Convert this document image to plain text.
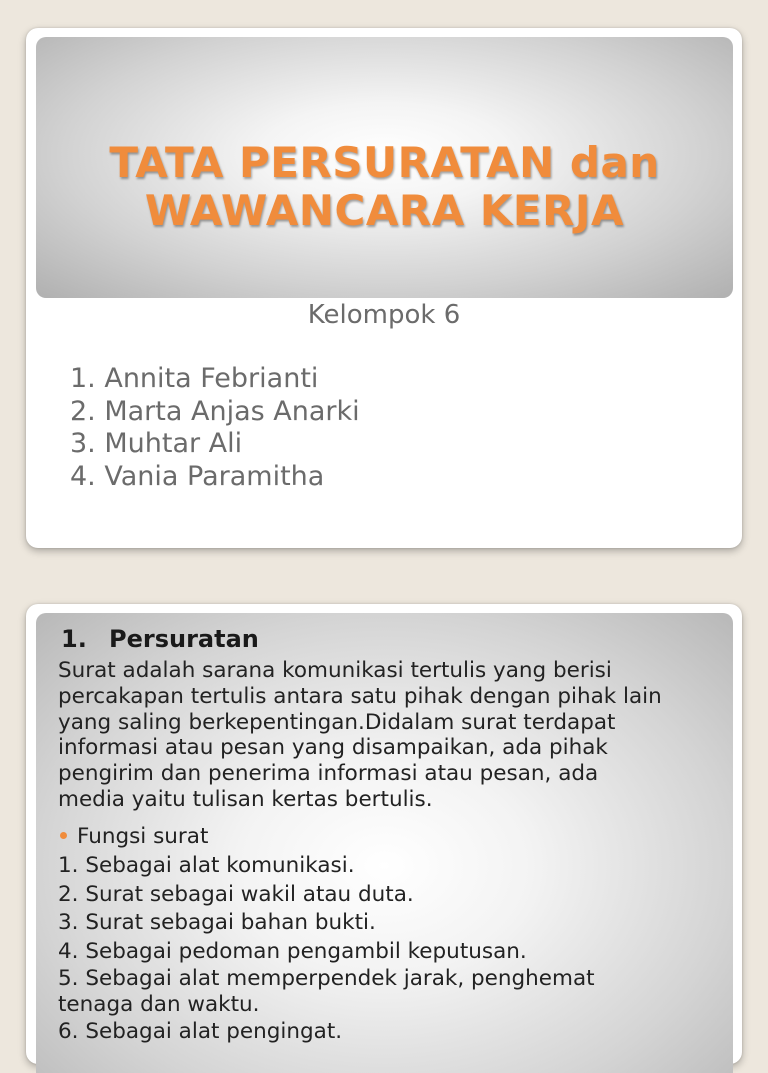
TATA PERSURATAN dan
WAWANCARA KERJA
Kelompok 6
1. Annita Febrianti
2. Marta Anjas Anarki
3. Muhtar Ali
4. Vania Paramitha
1. Persuratan
Surat adalah sarana komunikasi tertulis yang berisi
percakapan tertulis antara satu pihak dengan pihak lain
yang saling berkepentingan.Didalam surat terdapat
informasi atau pesan yang disampaikan, ada pihak
pengirim dan penerima informasi atau pesan, ada
media yaitu tulisan kertas bertulis.
Fungsi surat
1. Sebagai alat komunikasi.
2. Surat sebagai wakil atau duta.
3. Surat sebagai bahan bukti.
4. Sebagai pedoman pengambil keputusan.
5. Sebagai alat memperpendek jarak, penghemat
tenaga dan waktu.
6. Sebagai alat pengingat.
